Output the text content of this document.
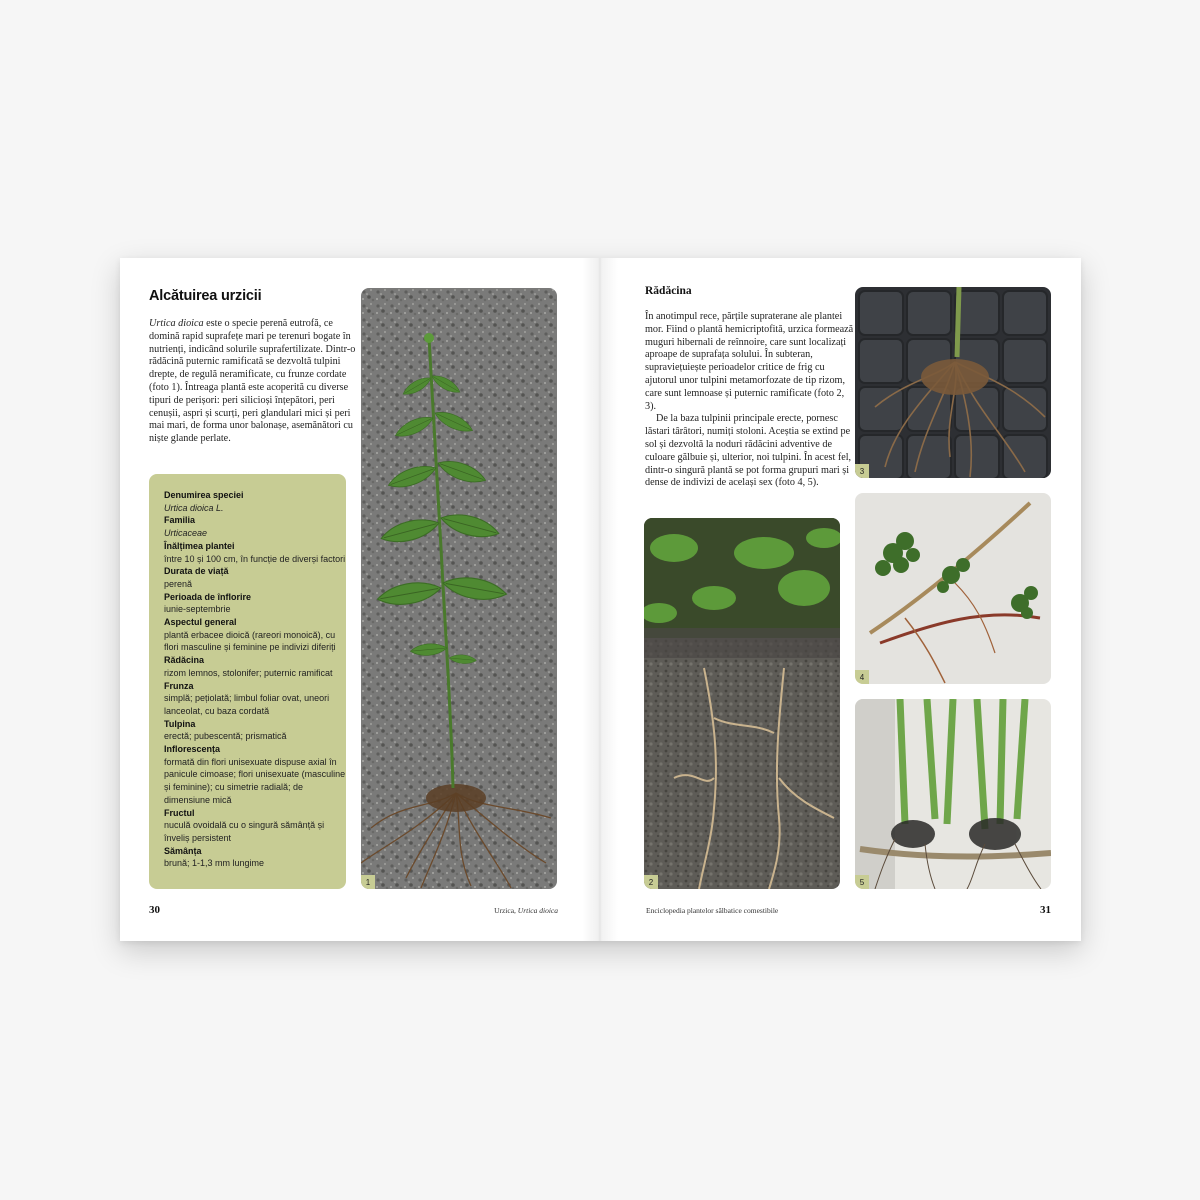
Alcătuirea urzicii

Urtica dioica este o specie perenă eutrofă, ce domină rapid suprafețe mari pe terenuri bogate în nutrienți, indicând solurile suprafertilizate. Dintr-o rădăcină puternic ramificată se dezvoltă tulpini drepte, de regulă neramificate, cu frunze cordate (foto 1). Întreaga plantă este acoperită cu diverse tipuri de perișori: peri silicioși înțepători, peri cenușii, aspri și scurți, peri glandulari mici și peri mai mari, de forma unor balonașe, asemănători cu niște glande perlate.

Denumirea speciei
Urtica dioica L.
Familia
Urticaceae
Înălțimea plantei
între 10 și 100 cm, în funcție de diverși factori
Durata de viață
perenă
Perioada de înflorire
iunie-septembrie
Aspectul general
plantă erbacee dioică (rareori monoică), cu flori masculine și feminine pe indivizi diferiți
Rădăcina
rizom lemnos, stolonifer; puternic ramificat
Frunza
simplă; pețiolată; limbul foliar ovat, uneori lanceolat, cu baza cordată
Tulpina
erectă; pubescentă; prismatică
Inflorescența
formată din flori unisexuate dispuse axial în panicule cimoase; flori unisexuate (masculine și feminine); cu simetrie radială; de dimensiune mică
Fructul
nuculă ovoidală cu o singură sămânță și înveliș persistent
Sămânța
brună; 1-1,3 mm lungime
1
30	Urzica, Urtica dioica
Rădăcina

În anotimpul rece, părțile supraterane ale plantei mor. Fiind o plantă hemicriptofită, urzica formează muguri hibernali de reînnoire, care sunt localizați aproape de suprafața solului. În subteran, supraviețuiește perioadelor critice de frig cu ajutorul unor tulpini metamorfozate de tip rizom, care sunt lemnoase și puternic ramificate (foto 2, 3).

De la baza tulpinii principale erecte, pornesc lăstari târâtori, numiți stoloni. Aceștia se extind pe sol și dezvoltă la noduri rădăcini adventive de culoare gălbuie și, ulterior, noi tulpini. În acest fel, dintr-o singură plantă se pot forma grupuri mari și dense de indivizi de același sex (foto 4, 5).

3
4
5
2
Enciclopedia plantelor sălbatice comestibile	31
